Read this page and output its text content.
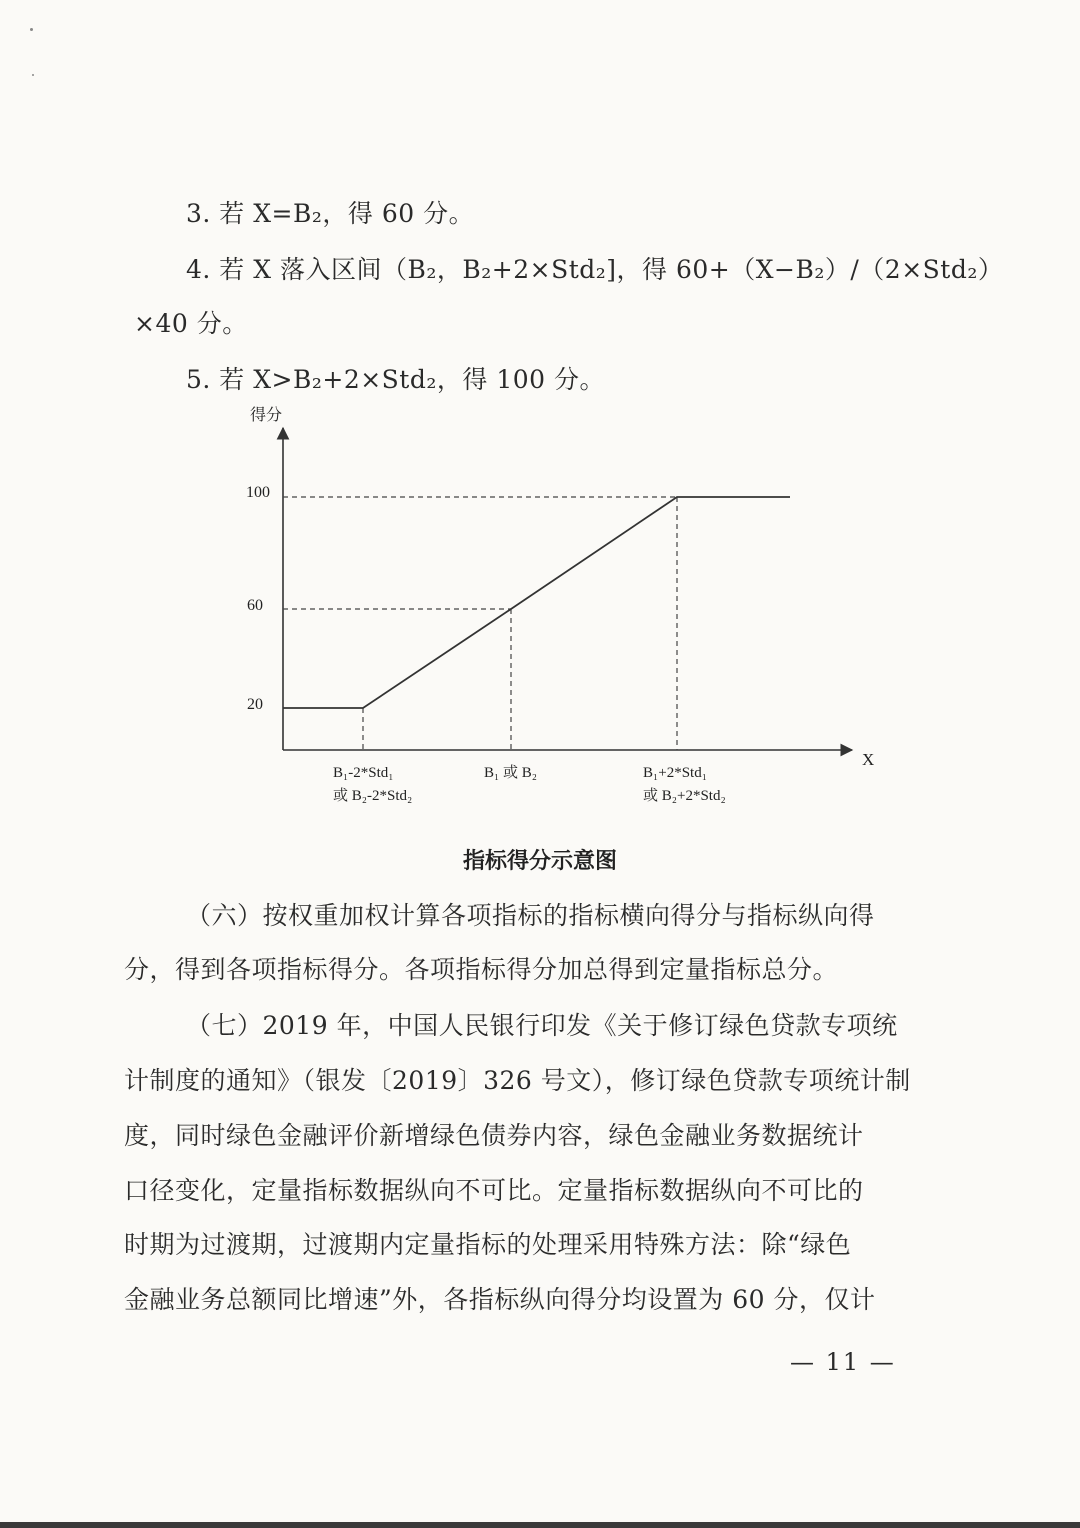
3. 若 X=B₂，得 60 分。
4. 若 X 落入区间（B₂，B₂+2×Std₂]，得 60+（X−B₂）/（2×Std₂）
×40 分。
5. 若 X>B₂+2×Std₂，得 100 分。
得分
X
100
60
20
B₁-2*Std₁
或 B₂-2*Std₂
B₁ 或 B₂	B₁+2*Std₁
或 B₂+2*Std₂
指标得分示意图
（六）按权重加权计算各项指标的指标横向得分与指标纵向得
分，得到各项指标得分。各项指标得分加总得到定量指标总分。
（七）2019 年，中国人民银行印发《关于修订绿色贷款专项统
计制度的通知》（银发〔2019〕326 号文），修订绿色贷款专项统计制
度，同时绿色金融评价新增绿色债券内容，绿色金融业务数据统计
口径变化，定量指标数据纵向不可比。定量指标数据纵向不可比的
时期为过渡期，过渡期内定量指标的处理采用特殊方法：除“绿色
金融业务总额同比增速”外，各指标纵向得分均设置为 60 分，仅计
— 11 —
